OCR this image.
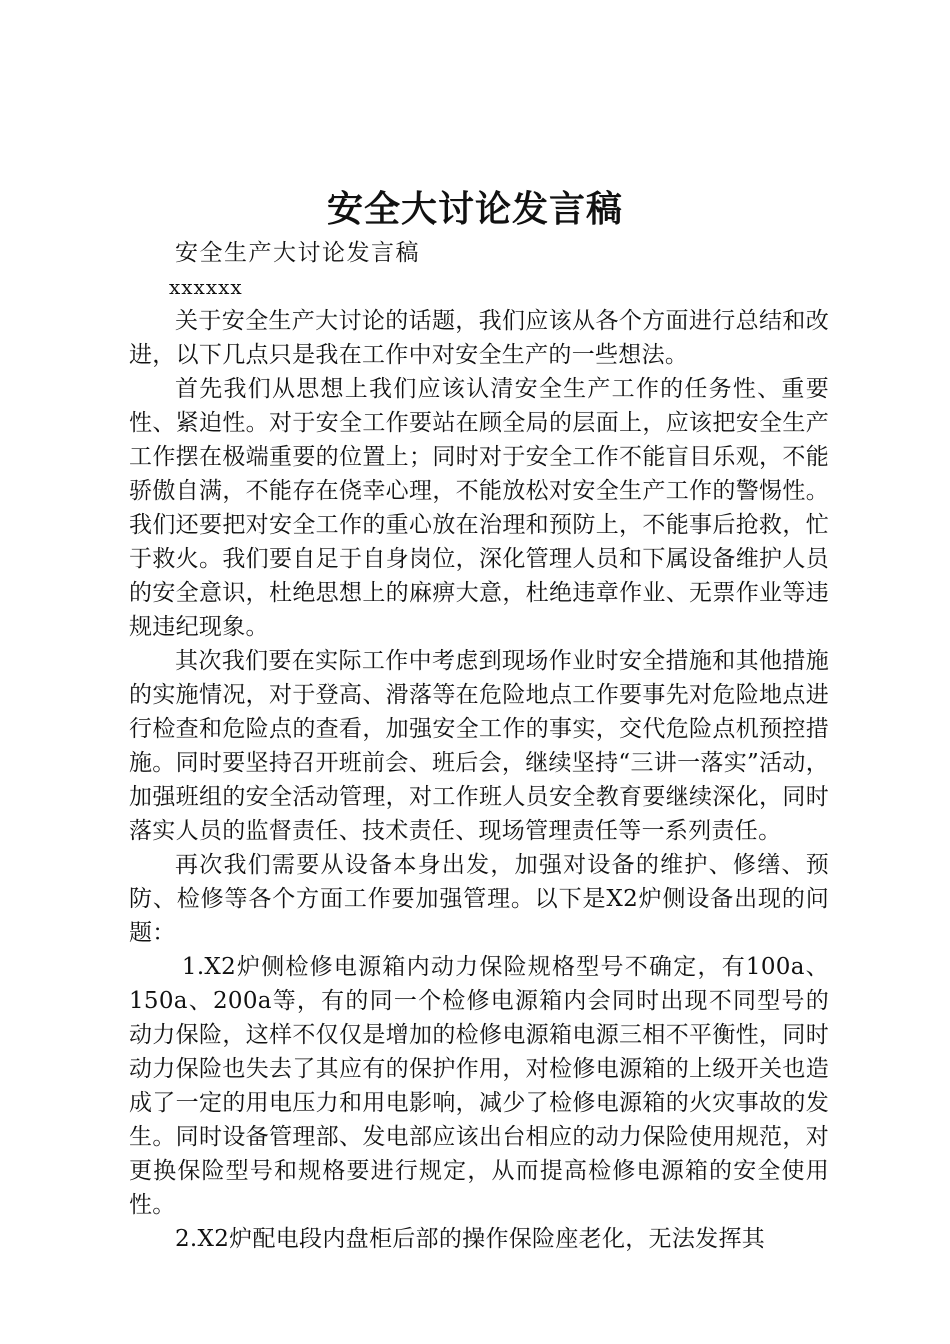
安全大讨论发言稿

安全生产大讨论发言稿

xxxxxx

关于安全生产大讨论的话题，我们应该从各个方面进行总结和改进，以下几点只是我在工作中对安全生产的一些想法。

首先我们从思想上我们应该认清安全生产工作的任务性、重要性、紧迫性。对于安全工作要站在顾全局的层面上，应该把安全生产工作摆在极端重要的位置上；同时对于安全工作不能盲目乐观，不能骄傲自满，不能存在侥幸心理，不能放松对安全生产工作的警惕性。我们还要把对安全工作的重心放在治理和预防上，不能事后抢救，忙于救火。我们要自足于自身岗位，深化管理人员和下属设备维护人员的安全意识，杜绝思想上的麻痹大意，杜绝违章作业、无票作业等违规违纪现象。

其次我们要在实际工作中考虑到现场作业时安全措施和其他措施的实施情况，对于登高、滑落等在危险地点工作要事先对危险地点进行检查和危险点的查看，加强安全工作的事实，交代危险点机预控措施。同时要坚持召开班前会、班后会，继续坚持“三讲一落实”活动，加强班组的安全活动管理，对工作班人员安全教育要继续深化，同时落实人员的监督责任、技术责任、现场管理责任等一系列责任。

再次我们需要从设备本身出发，加强对设备的维护、修缮、预防、检修等各个方面工作要加强管理。以下是X2炉侧设备出现的问题：

1.X2炉侧检修电源箱内动力保险规格型号不确定，有100a、150a、200a等，有的同一个检修电源箱内会同时出现不同型号的动力保险，这样不仅仅是增加的检修电源箱电源三相不平衡性，同时动力保险也失去了其应有的保护作用，对检修电源箱的上级开关也造成了一定的用电压力和用电影响，减少了检修电源箱的火灾事故的发生。同时设备管理部、发电部应该出台相应的动力保险使用规范，对更换保险型号和规格要进行规定，从而提高检修电源箱的安全使用性。

2.X2炉配电段内盘柜后部的操作保险座老化，无法发挥其
